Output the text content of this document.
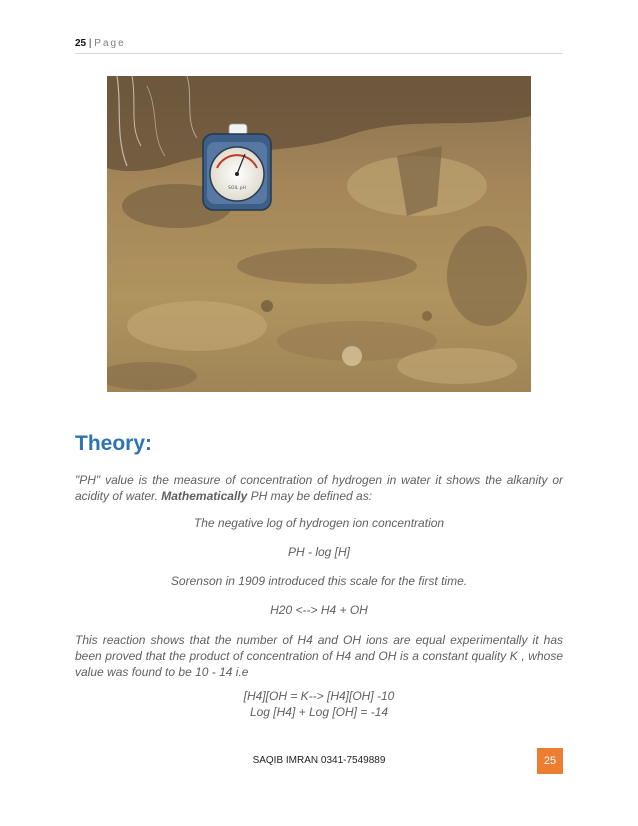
25 | Page
SOIL pH
Theory:

"PH" value is the measure of concentration of hydrogen in water it shows the alkanity or acidity of water. Mathematically PH may be defined as:

The negative log of hydrogen ion concentration

PH - log [H]

Sorenson in 1909 introduced this scale for the first time.

H20 <--> H4 + OH

This reaction shows that the number of H4 and OH ions are equal experimentally it has been proved that the product of concentration of H4 and OH is a constant quality K , whose value was found to be 10 - 14 i.e

[H4][OH = K--> [H4][OH] -10

Log [H4] + Log [OH] = -14

SAQIB IMRAN 0341-7549889	25
